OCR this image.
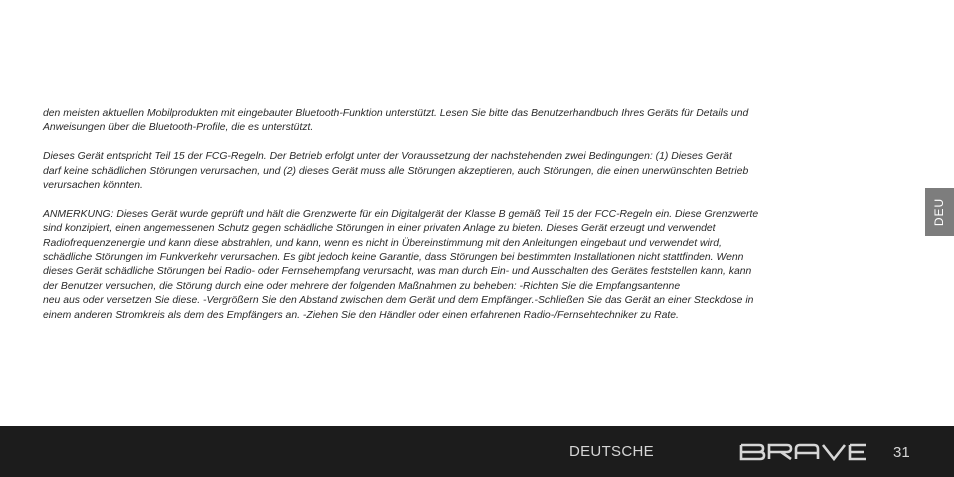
den meisten aktuellen Mobilprodukten mit eingebauter Bluetooth-Funktion unterstützt. Lesen Sie bitte das Benutzerhandbuch Ihres Geräts für Details und
Anweisungen über die Bluetooth-Profile, die es unterstützt.

Dieses Gerät entspricht Teil 15 der FCG-Regeln. Der Betrieb erfolgt unter der Voraussetzung der nachstehenden zwei Bedingungen: (1) Dieses Gerät
darf keine schädlichen Störungen verursachen, und (2) dieses Gerät muss alle Störungen akzeptieren, auch Störungen, die einen unerwünschten Betrieb
verursachen könnten.

ANMERKUNG: Dieses Gerät wurde geprüft und hält die Grenzwerte für ein Digitalgerät der Klasse B gemäß Teil 15 der FCC-Regeln ein. Diese Grenzwerte
sind konzipiert, einen angemessenen Schutz gegen schädliche Störungen in einer privaten Anlage zu bieten. Dieses Gerät erzeugt und verwendet
Radiofrequenzenergie und kann diese abstrahlen, und kann, wenn es nicht in Übereinstimmung mit den Anleitungen eingebaut und verwendet wird,
schädliche Störungen im Funkverkehr verursachen. Es gibt jedoch keine Garantie, dass Störungen bei bestimmten Installationen nicht stattfinden. Wenn
dieses Gerät schädliche Störungen bei Radio- oder Fernsehempfang verursacht, was man durch Ein- und Ausschalten des Gerätes feststellen kann, kann
der Benutzer versuchen, die Störung durch eine oder mehrere der folgenden Maßnahmen zu beheben: -Richten Sie die Empfangsantenne
neu aus oder versetzen Sie diese. -Vergrößern Sie den Abstand zwischen dem Gerät und dem Empfänger.-Schließen Sie das Gerät an einer Steckdose in
einem anderen Stromkreis als dem des Empfängers an. -Ziehen Sie den Händler oder einen erfahrenen Radio-/Fernsehtechniker zu Rate.

DEU
DEUTSCHE	31
